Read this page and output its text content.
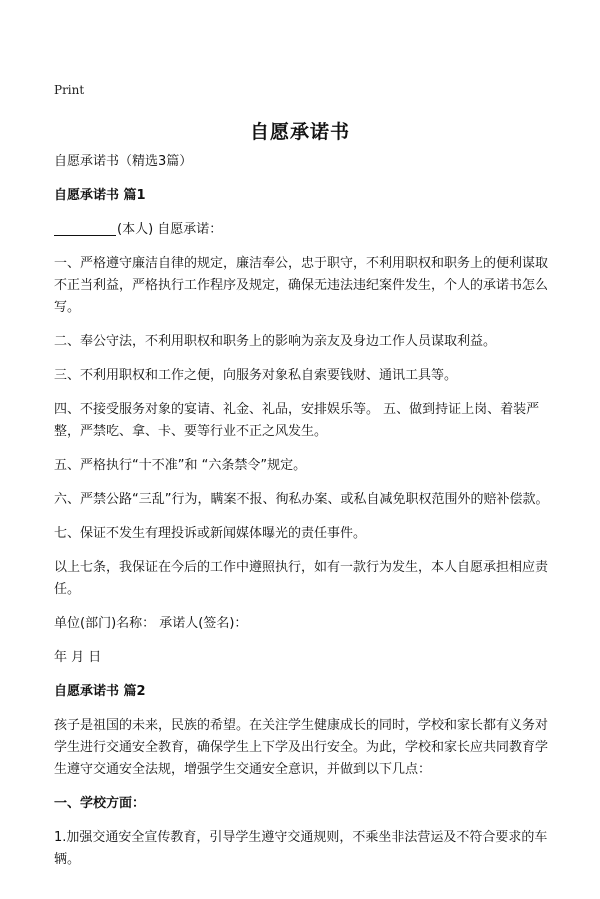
Print
自愿承诺书

自愿承诺书（精选3篇）

自愿承诺书 篇1

(本人) 自愿承诺：

一、严格遵守廉洁自律的规定，廉洁奉公，忠于职守，不利用职权和职务上的便利谋取不正当利益，严格执行工作程序及规定，确保无违法违纪案件发生，个人的承诺书怎么写。

二、奉公守法，不利用职权和职务上的影响为亲友及身边工作人员谋取利益。

三、不利用职权和工作之便，向服务对象私自索要钱财、通讯工具等。

四、不接受服务对象的宴请、礼金、礼品，安排娱乐等。 五、做到持证上岗、着装严整，严禁吃、拿、卡、要等行业不正之风发生。

五、严格执行“十不准”和 “六条禁令”规定。

六、严禁公路“三乱”行为，瞒案不报、徇私办案、或私自减免职权范围外的赔补偿款。

七、保证不发生有理投诉或新闻媒体曝光的责任事件。

以上七条，我保证在今后的工作中遵照执行，如有一款行为发生，本人自愿承担相应责任。

单位(部门)名称： 承诺人(签名)：

年 月 日

自愿承诺书 篇2

孩子是祖国的未来，民族的希望。在关注学生健康成长的同时，学校和家长都有义务对学生进行交通安全教育，确保学生上下学及出行安全。为此，学校和家长应共同教育学生遵守交通安全法规，增强学生交通安全意识，并做到以下几点：

一、学校方面：

1.加强交通安全宣传教育，引导学生遵守交通规则，不乘坐非法营运及不符合要求的车辆。
